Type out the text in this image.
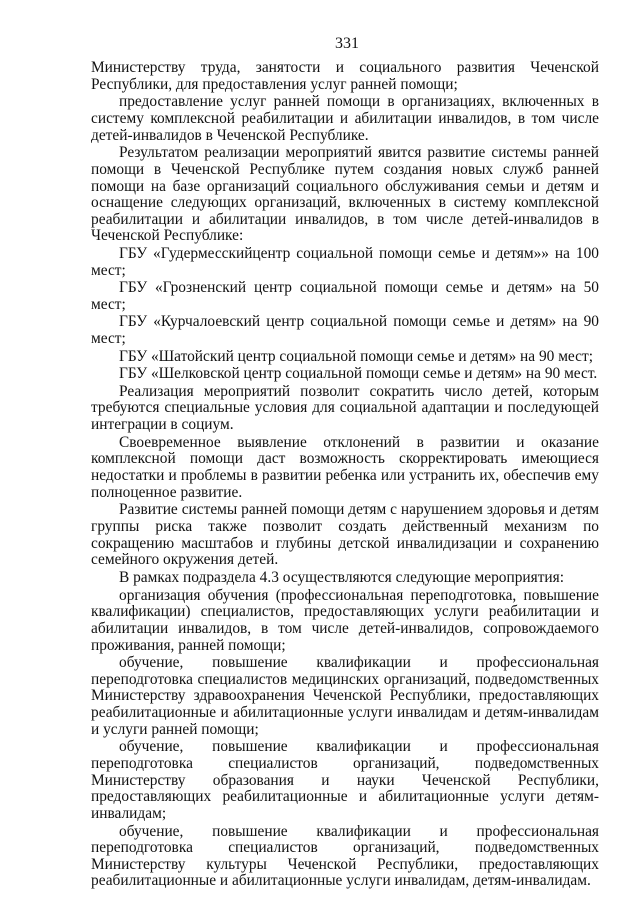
331

Министерству труда, занятости и социального развития Чеченской Республики, для предоставления услуг ранней помощи;

предоставление услуг ранней помощи в организациях, включенных в систему комплексной реабилитации и абилитации инвалидов, в том числе детей-инвалидов в Чеченской Республике.

Результатом реализации мероприятий явится развитие системы ранней помощи в Чеченской Республике путем создания новых служб ранней помощи на базе организаций социального обслуживания семьи и детям и оснащение следующих организаций, включенных в систему комплексной реабилитации и абилитации инвалидов, в том числе детей-инвалидов в Чеченской Республике:

ГБУ «Гудермесскийцентр социальной помощи семье и детям»» на 100 мест;

ГБУ «Грозненский центр социальной помощи семье и детям» на 50 мест;

ГБУ «Курчалоевский центр социальной помощи семье и детям» на 90 мест;

ГБУ «Шатойский центр социальной помощи семье и детям» на 90 мест;

ГБУ «Шелковской центр социальной помощи семье и детям» на 90 мест.

Реализация мероприятий позволит сократить число детей, которым требуются специальные условия для социальной адаптации и последующей интеграции в социум.

Своевременное выявление отклонений в развитии и оказание комплексной помощи даст возможность скорректировать имеющиеся недостатки и проблемы в развитии ребенка или устранить их, обеспечив ему полноценное развитие.

Развитие системы ранней помощи детям с нарушением здоровья и детям группы риска также позволит создать действенный механизм по сокращению масштабов и глубины детской инвалидизации и сохранению семейного окружения детей.

В рамках подраздела 4.3 осуществляются следующие мероприятия:

организация обучения (профессиональная переподготовка, повышение квалификации) специалистов, предоставляющих услуги реабилитации и абилитации инвалидов, в том числе детей-инвалидов, сопровождаемого проживания, ранней помощи;

обучение, повышение квалификации и профессиональная переподготовка специалистов медицинских организаций, подведомственных Министерству здравоохранения Чеченской Республики, предоставляющих реабилитационные и абилитационные услуги инвалидам и детям-инвалидам и услуги ранней помощи;

обучение, повышение квалификации и профессиональная переподготовка специалистов организаций, подведомственных Министерству образования и науки Чеченской Республики, предоставляющих реабилитационные и абилитационные услуги детям-инвалидам;

обучение, повышение квалификации и профессиональная переподготовка специалистов организаций, подведомственных Министерству культуры Чеченской Республики, предоставляющих реабилитационные и абилитационные услуги инвалидам, детям-инвалидам.
